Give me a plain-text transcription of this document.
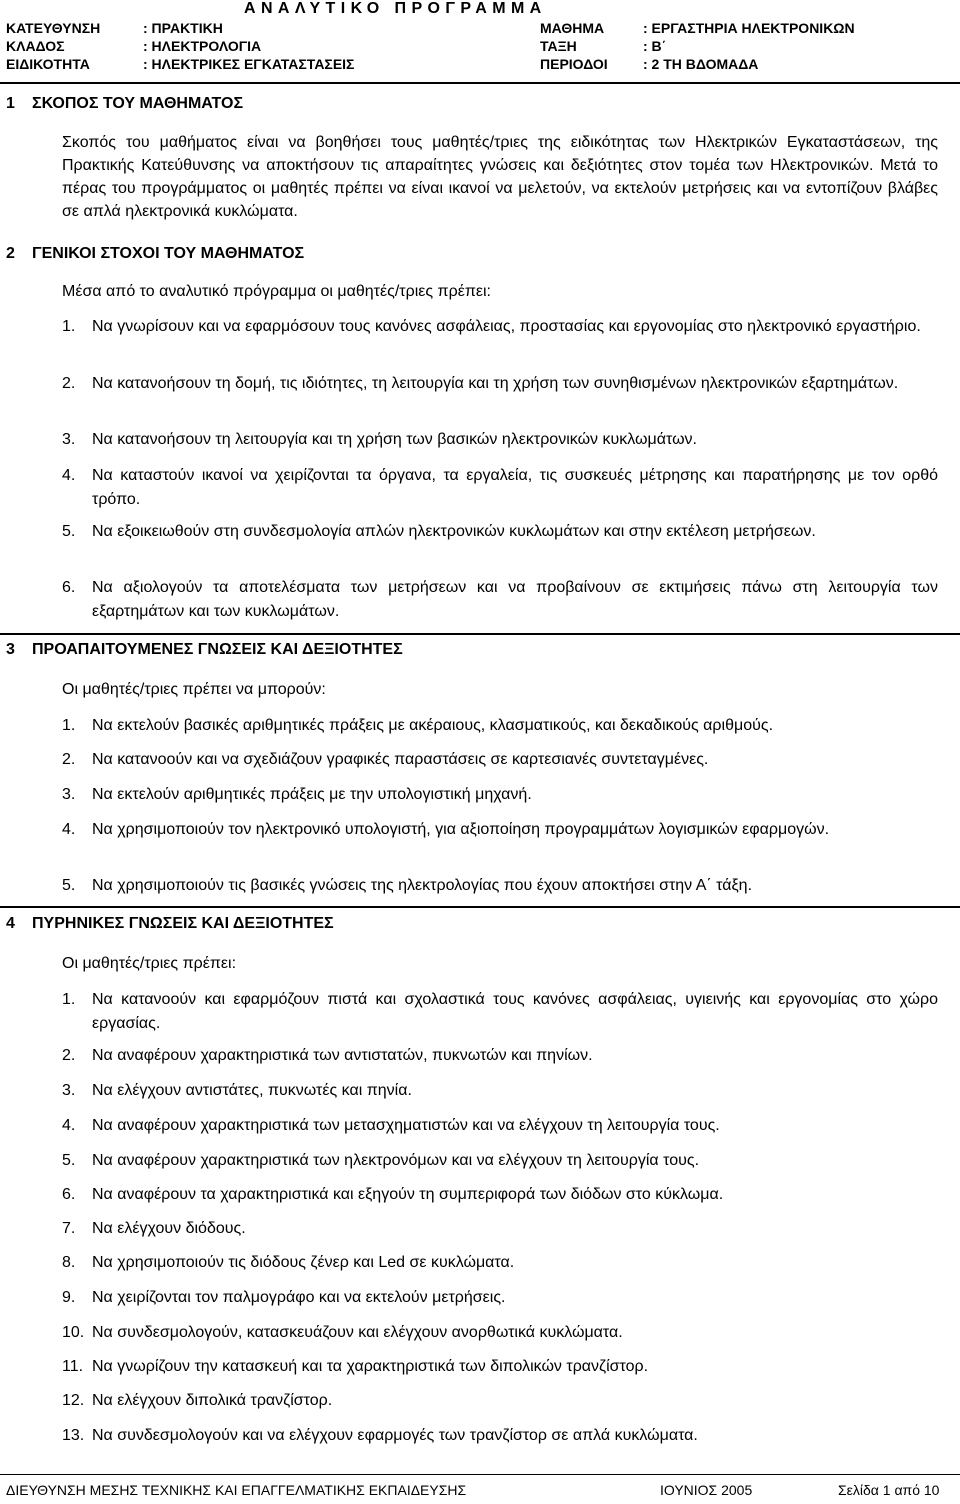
ΑΝΑΛΥΤΙΚΟ ΠΡΟΓΡΑΜΜΑ
ΚΑΤΕΥΘΥΝΣΗ	: ΠΡΑΚΤΙΚΗ
ΚΛΑΔΟΣ	: ΗΛΕΚΤΡΟΛΟΓΙΑ
ΕΙΔΙΚΟΤΗΤΑ	: ΗΛΕΚΤΡΙΚΕΣ ΕΓΚΑΤΑΣΤΑΣΕΙΣ
ΜΑΘΗΜΑ	: ΕΡΓΑΣΤΗΡΙΑ ΗΛΕΚΤΡΟΝΙΚΩΝ
ΤΑΞΗ	: Β΄
ΠΕΡΙΟΔΟΙ	: 2 ΤΗ ΒΔΟΜΑΔΑ
1 ΣΚΟΠΟΣ ΤΟΥ ΜΑΘΗΜΑΤΟΣ
Σκοπός του μαθήματος είναι να βοηθήσει τους μαθητές/τριες της ειδικότητας των Ηλεκτρικών Εγκαταστάσεων, της Πρακτικής Κατεύθυνσης να αποκτήσουν τις απαραίτητες γνώσεις και δεξιότητες στον τομέα των Ηλεκτρονικών. Μετά το πέρας του προγράμματος οι μαθητές πρέπει να είναι ικανοί να μελετούν, να εκτελούν μετρήσεις και να εντοπίζουν βλάβες σε απλά ηλεκτρονικά κυκλώματα.
2 ΓΕΝΙΚΟΙ ΣΤΟΧΟΙ ΤΟΥ ΜΑΘΗΜΑΤΟΣ
Μέσα από το αναλυτικό πρόγραμμα οι μαθητές/τριες πρέπει:
1. Να γνωρίσουν και να εφαρμόσουν τους κανόνες ασφάλειας, προστασίας και εργονομίας στο ηλεκτρονικό εργαστήριο.
2. Να κατανοήσουν τη δομή, τις ιδιότητες, τη λειτουργία και τη χρήση των συνηθισμένων ηλεκτρονικών εξαρτημάτων.
3. Να κατανοήσουν τη λειτουργία και τη χρήση των βασικών ηλεκτρονικών κυκλωμάτων.
4. Να καταστούν ικανοί να χειρίζονται τα όργανα, τα εργαλεία, τις συσκευές μέτρησης και παρατήρησης με τον ορθό τρόπο.
5. Να εξοικειωθούν στη συνδεσμολογία απλών ηλεκτρονικών κυκλωμάτων και στην εκτέλεση μετρήσεων.
6. Να αξιολογούν τα αποτελέσματα των μετρήσεων και να προβαίνουν σε εκτιμήσεις πάνω στη λειτουργία των εξαρτημάτων και των κυκλωμάτων.
3 ΠΡΟΑΠΑΙΤΟΥΜΕΝΕΣ ΓΝΩΣΕΙΣ ΚΑΙ ΔΕΞΙΟΤΗΤΕΣ
Οι μαθητές/τριες πρέπει να μπορούν:
1. Να εκτελούν βασικές αριθμητικές πράξεις με ακέραιους, κλασματικούς, και δεκαδικούς αριθμούς.
2. Να κατανοούν και να σχεδιάζουν γραφικές παραστάσεις σε καρτεσιανές συντεταγμένες.
3. Να εκτελούν αριθμητικές πράξεις με την υπολογιστική μηχανή.
4. Να χρησιμοποιούν τον ηλεκτρονικό υπολογιστή, για αξιοποίηση προγραμμάτων λογισμικών εφαρμογών.
5. Να χρησιμοποιούν τις βασικές γνώσεις της ηλεκτρολογίας που έχουν αποκτήσει στην Α΄ τάξη.
4 ΠΥΡΗΝΙΚΕΣ ΓΝΩΣΕΙΣ ΚΑΙ ΔΕΞΙΟΤΗΤΕΣ
Οι μαθητές/τριες πρέπει:
1. Να κατανοούν και εφαρμόζουν πιστά και σχολαστικά τους κανόνες ασφάλειας, υγιεινής και εργονομίας στο χώρο εργασίας.
2. Να αναφέρουν χαρακτηριστικά των αντιστατών, πυκνωτών και πηνίων.
3. Να ελέγχουν αντιστάτες, πυκνωτές και πηνία.
4. Να αναφέρουν χαρακτηριστικά των μετασχηματιστών και να ελέγχουν τη λειτουργία τους.
5. Να αναφέρουν χαρακτηριστικά των ηλεκτρονόμων και να ελέγχουν τη λειτουργία τους.
6. Να αναφέρουν τα χαρακτηριστικά και εξηγούν τη συμπεριφορά των διόδων στο κύκλωμα.
7. Να ελέγχουν διόδους.
8. Να χρησιμοποιούν τις διόδους ζένερ και Led σε κυκλώματα.
9. Να χειρίζονται τον παλμογράφο και να εκτελούν μετρήσεις.
10. Να συνδεσμολογούν, κατασκευάζουν και ελέγχουν ανορθωτικά κυκλώματα.
11. Να γνωρίζουν την κατασκευή και τα χαρακτηριστικά των διπολικών τρανζίστορ.
12. Να ελέγχουν διπολικά τρανζίστορ.
13. Να συνδεσμολογούν και να ελέγχουν εφαρμογές των τρανζίστορ σε απλά κυκλώματα.
ΔΙΕΥΘΥΝΣΗ ΜΕΣΗΣ ΤΕΧΝΙΚΗΣ ΚΑΙ ΕΠΑΓΓΕΛΜΑΤΙΚΗΣ ΕΚΠΑΙΔΕΥΣΗΣ	ΙΟΥΝΙΟΣ 2005	Σελίδα 1 από 10
